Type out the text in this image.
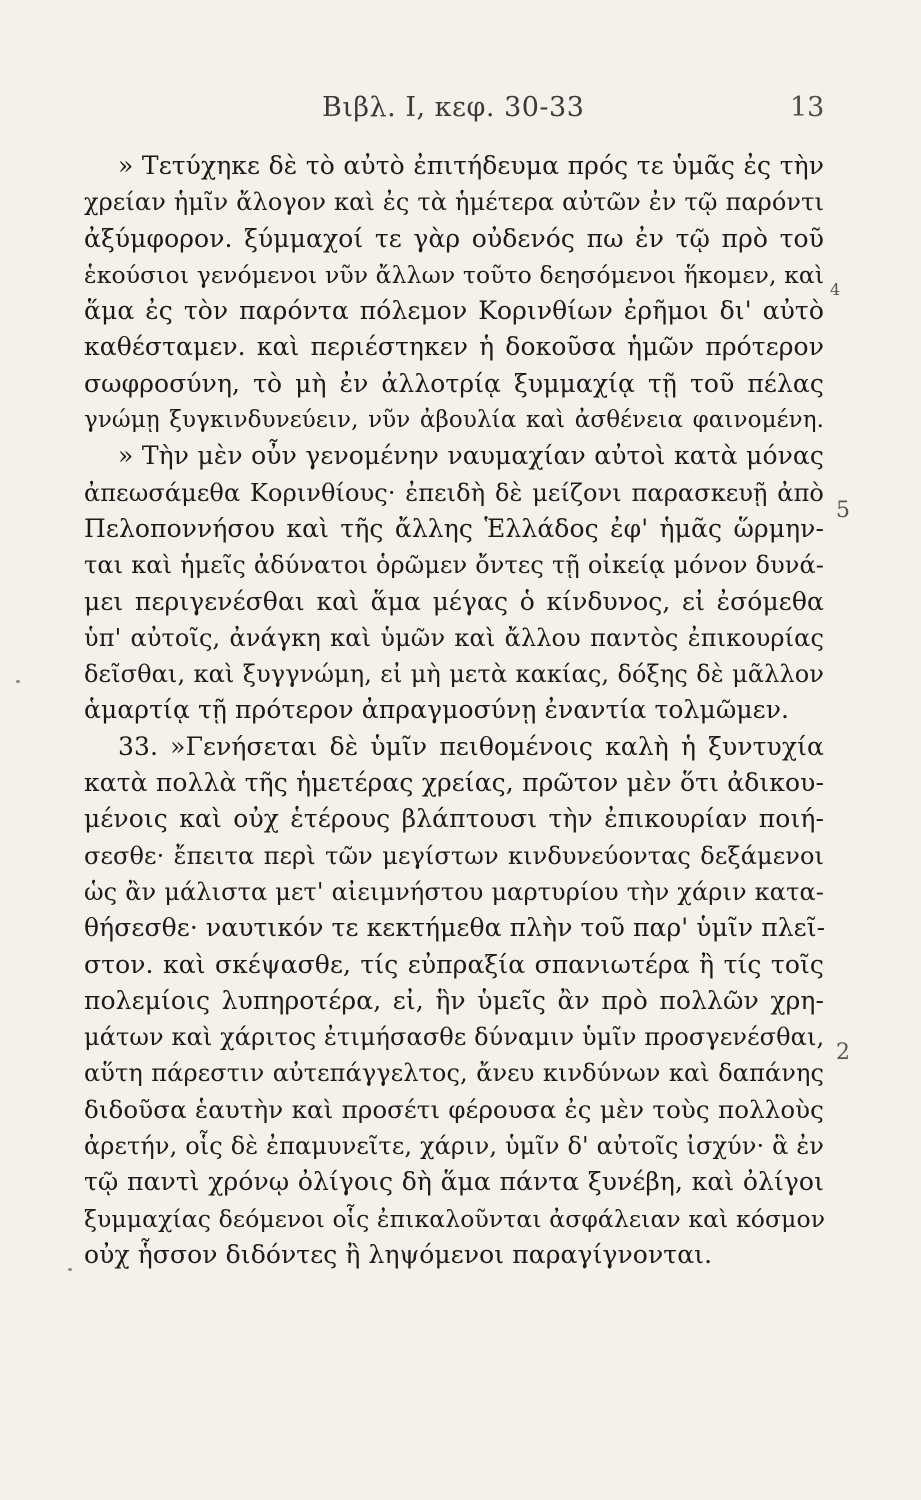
Βιβλ. Ι, κεφ. 30-33	13
» Τετύχηκε δὲ τὸ αὐτὸ ἐπιτήδευμα πρός τε ὑμᾶς ἐς τὴν
χρείαν ἡμῖν ἄλογον καὶ ἐς τὰ ἡμέτερα αὐτῶν ἐν τῷ παρόντι
ἀξύμφορον. ξύμμαχοί τε γὰρ οὐδενός πω ἐν τῷ πρὸ τοῦ
ἑκούσιοι γενόμενοι νῦν ἄλλων τοῦτο δεησόμενοι ἥκομεν, καὶ
ἅμα ἐς τὸν παρόντα πόλεμον Κορινθίων ἐρῆμοι δι' αὐτὸ
καθέσταμεν. καὶ περιέστηκεν ἡ δοκοῦσα ἡμῶν πρότερον
σωφροσύνη, τὸ μὴ ἐν ἀλλοτρίᾳ ξυμμαχίᾳ τῇ τοῦ πέλας
γνώμῃ ξυγκινδυνεύειν, νῦν ἀβουλία καὶ ἀσθένεια φαινομένη.
» Τὴν μὲν οὖν γενομένην ναυμαχίαν αὐτοὶ κατὰ μόνας
ἀπεωσάμεθα Κορινθίους· ἐπειδὴ δὲ μείζονι παρασκευῇ ἀπὸ
Πελοποννήσου καὶ τῆς ἄλλης Ἑλλάδος ἐφ' ἡμᾶς ὥρμην-
ται καὶ ἡμεῖς ἀδύνατοι ὁρῶμεν ὄντες τῇ οἰκείᾳ μόνον δυνά-
μει περιγενέσθαι καὶ ἅμα μέγας ὁ κίνδυνος, εἰ ἐσόμεθα
ὑπ' αὐτοῖς, ἀνάγκη καὶ ὑμῶν καὶ ἄλλου παντὸς ἐπικουρίας
δεῖσθαι, καὶ ξυγγνώμη, εἰ μὴ μετὰ κακίας, δόξης δὲ μᾶλλον
ἁμαρτίᾳ τῇ πρότερον ἀπραγμοσύνῃ ἐναντία τολμῶμεν.
33. »Γενήσεται δὲ ὑμῖν πειθομένοις καλὴ ἡ ξυντυχία
κατὰ πολλὰ τῆς ἡμετέρας χρείας, πρῶτον μὲν ὅτι ἀδικου-
μένοις καὶ οὐχ ἑτέρους βλάπτουσι τὴν ἐπικουρίαν ποιή-
σεσθε· ἔπειτα περὶ τῶν μεγίστων κινδυνεύοντας δεξάμενοι
ὡς ἂν μάλιστα μετ' αἰειμνήστου μαρτυρίου τὴν χάριν κατα-
θήσεσθε· ναυτικόν τε κεκτήμεθα πλὴν τοῦ παρ' ὑμῖν πλεῖ-
στον. καὶ σκέψασθε, τίς εὐπραξία σπανιωτέρα ἢ τίς τοῖς
πολεμίοις λυπηροτέρα, εἰ, ἣν ὑμεῖς ἂν πρὸ πολλῶν χρη-
μάτων καὶ χάριτος ἐτιμήσασθε δύναμιν ὑμῖν προσγενέσθαι,
αὕτη πάρεστιν αὐτεπάγγελτος, ἄνευ κινδύνων καὶ δαπάνης
διδοῦσα ἑαυτὴν καὶ προσέτι φέρουσα ἐς μὲν τοὺς πολλοὺς
ἀρετήν, οἷς δὲ ἐπαμυνεῖτε, χάριν, ὑμῖν δ' αὐτοῖς ἰσχύν· ἃ ἐν
τῷ παντὶ χρόνῳ ὀλίγοις δὴ ἅμα πάντα ξυνέβη, καὶ ὀλίγοι
ξυμμαχίας δεόμενοι οἷς ἐπικαλοῦνται ἀσφάλειαν καὶ κόσμον
οὐχ ἧσσον διδόντες ἢ ληψόμενοι παραγίγνονται.
4
5
2
